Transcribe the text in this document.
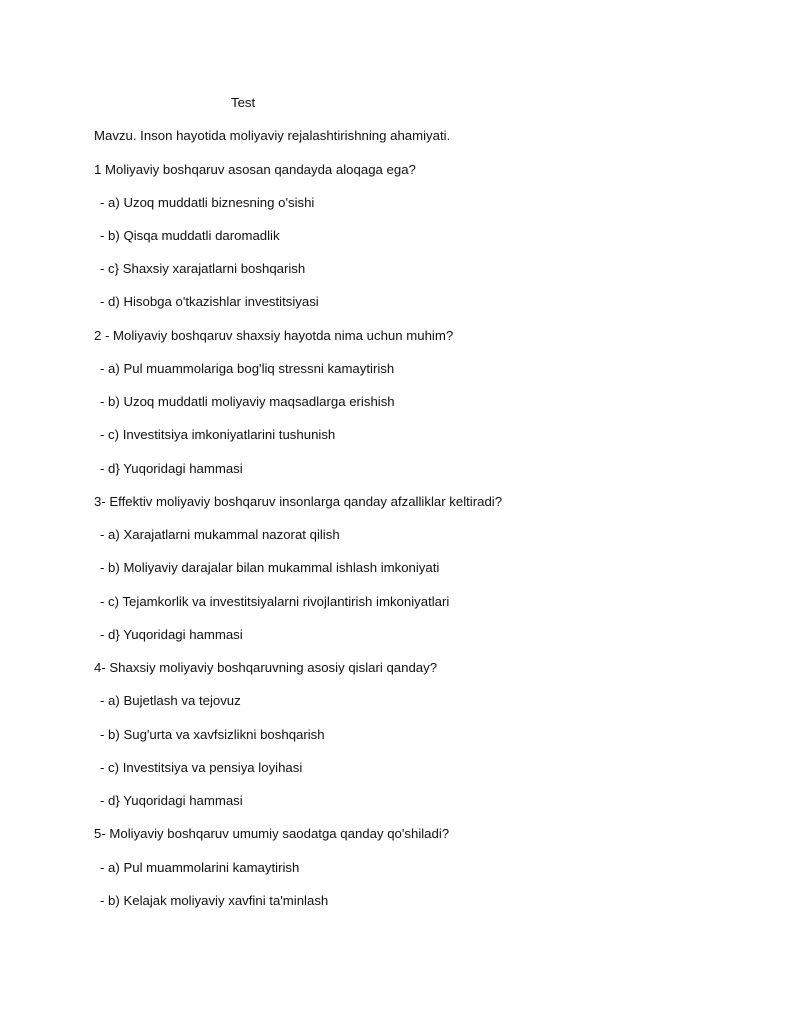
Test
Mavzu. Inson hayotida moliyaviy rejalashtirishning ahamiyati.
1 Moliyaviy boshqaruv asosan qandayda aloqaga ega?
- a) Uzoq muddatli biznesning o'sishi
- b) Qisqa muddatli daromadlik
- c} Shaxsiy xarajatlarni boshqarish
- d) Hisobga o'tkazishlar investitsiyasi
2 - Moliyaviy boshqaruv shaxsiy hayotda nima uchun muhim?
- a) Pul muammolariga bog'liq stressni kamaytirish
- b) Uzoq muddatli moliyaviy maqsadlarga erishish
- c) Investitsiya imkoniyatlarini tushunish
- d} Yuqoridagi hammasi
3- Effektiv moliyaviy boshqaruv insonlarga qanday afzalliklar keltiradi?
- a) Xarajatlarni mukammal nazorat qilish
- b) Moliyaviy darajalar bilan mukammal ishlash imkoniyati
- c) Tejamkorlik va investitsiyalarni rivojlantirish imkoniyatlari
- d} Yuqoridagi hammasi
4- Shaxsiy moliyaviy boshqaruvning asosiy qislari qanday?
- a) Bujetlash va tejovuz
- b) Sug'urta va xavfsizlikni boshqarish
- c) Investitsiya va pensiya loyihasi
- d} Yuqoridagi hammasi
5- Moliyaviy boshqaruv umumiy saodatga qanday qo'shiladi?
- a) Pul muammolarini kamaytirish
- b) Kelajak moliyaviy xavfini ta'minlash
